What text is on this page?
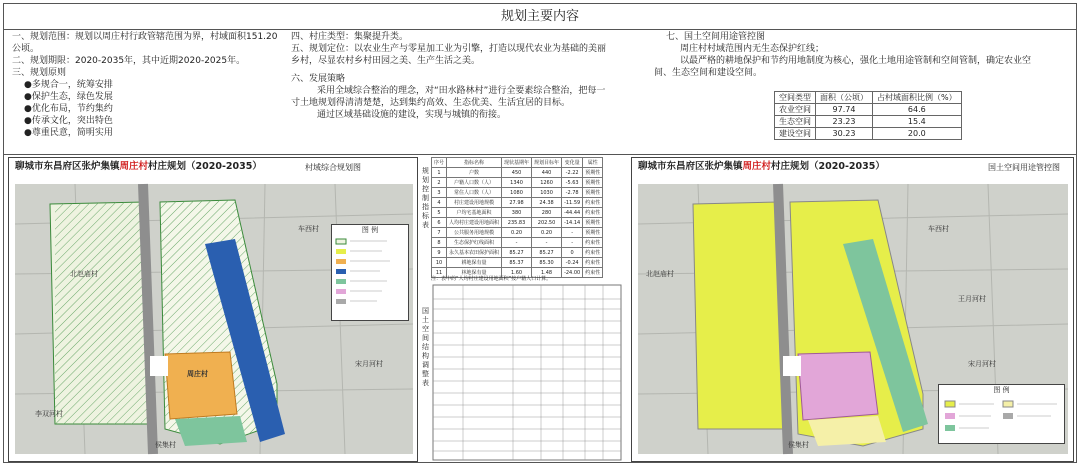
规划主要内容
一、规划范围：规划以周庄村行政管辖范围为界，村域面积151.20
公顷。
二、规划期限：2020-2035年，其中近期2020-2025年。
三、规划原则
●多规合一，统筹安排
●保护生态，绿色发展
●优化布局，节约集约
●传承文化，突出特色
●尊重民意，简明实用
四、村庄类型：集聚提升类。
五、规划定位：以农业生产与零星加工业为引擎，打造以现代农业为基础的美丽
乡村，尽显农村乡村田园之美、生产生活之美。
六、发展策略
采用全域综合整治的理念，对“田水路林村”进行全要素综合整治，把每一
寸土地规划得清清楚楚，达到集约高效、生态优美、生活宜居的目标。
通过区域基础设施的建设，实现与城镇的衔接。
七、国土空间用途管控图
周庄村村域范围内无生态保护红线；
以最严格的耕地保护和节约用地制度为核心，强化土地用途管制和空间管制，确定农业空
间、生态空间和建设空间。
空间类型	面积（公顷）	占村域面积比例（%）
农业空间	97.74	64.6
生态空间	23.23	15.4
建设空间	30.23	20.0
聊城市东昌府区张炉集镇周庄村村庄规划（2020-2035）	村域综合规划图
车西村
北赵庙村
宋月河村
李双河村
侯集村
周庄村
图 例
规划控制指标表
序号	指标名称	现状基期年	规划目标年	变化量	属性
1	户数	450	440	-2.22	预期性
2	户籍人口数（人）	1340	1260	-5.63	预期性
3	常住人口数（人）	1080	1030	-2.78	预期性
4	村庄建设用地规模	27.98	24.38	-11.59	约束性
5	户均宅基地面积	380	280	-44.44	约束性
6	人均村庄建设用地面积	235.83	202.50	-14.14	预期性
7	公共服务用地规模	0.20	0.20	-	预期性
8	生态保护红线面积	-	-	-	约束性
9	永久基本农田保护面积	85.27	85.27	0	约束性
10	耕地保有量	85.37	85.30	-0.24	约束性
11	林地保有量	1.60	1.48	-24.00	约束性
注：表中的“人均村庄建设用地面积”按户籍人口计算。
国土空间结构调整表
聊城市东昌府区张炉集镇周庄村村庄规划（2020-2035）	国土空间用途管控图
车西村
北赵庙村
王月河村
宋月河村
侯集村
图 例
